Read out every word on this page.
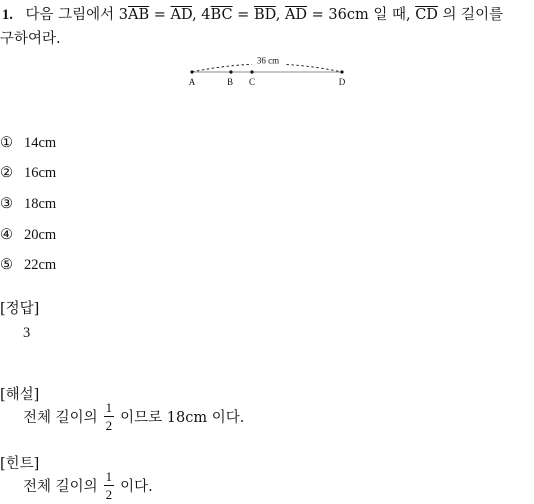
1. 다음 그림에서 $3\overline{AB} = \overline{AD}$, $4\overline{BC} = \overline{BD}$, $\overline{AD} = 36cm$ 일 때, $\overline{CD}$ 의 길이를
구하여라.
36 cm
A	B C	D
① 14cm
② 16cm
③ 18cm
④ 20cm
⑤ 22cm
[정답]
3
[해설]
전체 길이의 $\frac{1}{2}$ 이므로 18cm 이다.
[힌트]
전체 길이의 $\frac{1}{2}$ 이다.
